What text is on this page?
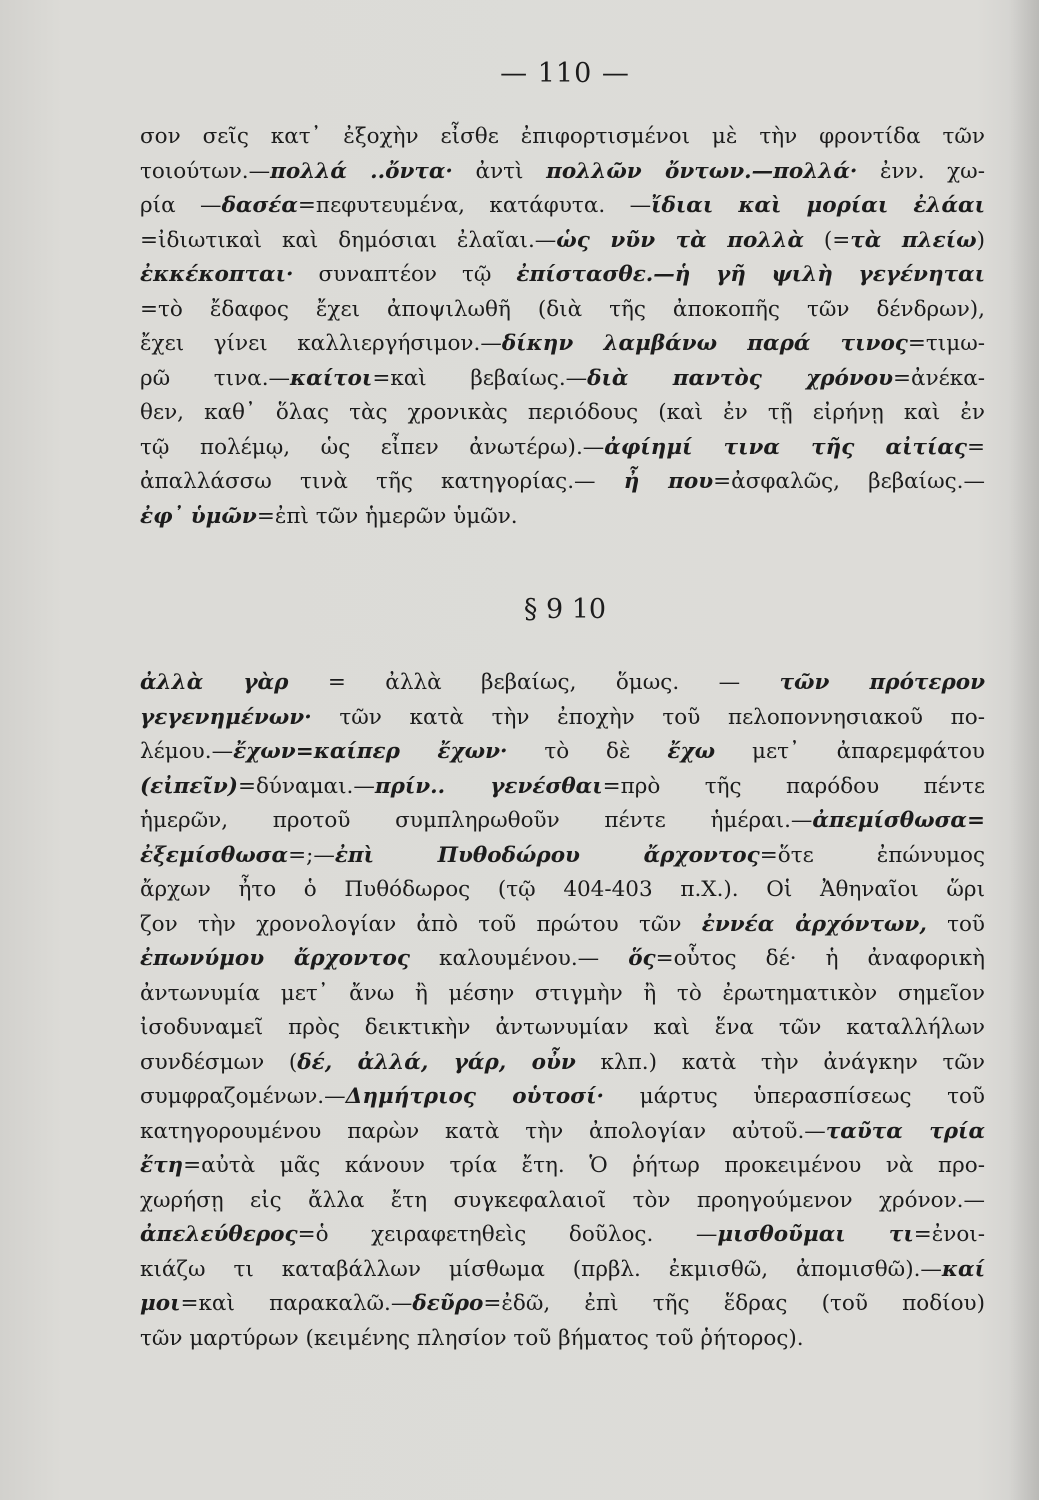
— 110 —
σον σεῖς κατ᾿ ἐξοχὴν εἶσθε ἐπιφορτισμένοι μὲ τὴν φροντίδα τῶν
τοιούτων.—πολλά ..ὄντα· ἀντὶ πολλῶν ὄντων.—πολλά· ἐνν. χω-
ρία —δασέα=πεφυτευμένα, κατάφυτα. —ἴδιαι καὶ μορίαι ἐλάαι
=ἰδιωτικαὶ καὶ δημόσιαι ἐλαῖαι.—ὡς νῦν τὰ πολλὰ (=τὰ πλείω)
ἐκκέκοπται· συναπτέον τῷ ἐπίστασθε.—ἡ γῆ ψιλὴ γεγένηται
=τὸ ἔδαφος ἔχει ἀποψιλωθῆ (διὰ τῆς ἀποκοπῆς τῶν δένδρων),
ἔχει γίνει καλλιεργήσιμον.—δίκην λαμβάνω παρά τινος=τιμω-
ρῶ τινα.—καίτοι=καὶ βεβαίως.—διὰ παντὸς χρόνου=ἀνέκα-
θεν, καθ᾿ ὅλας τὰς χρονικὰς περιόδους (καὶ ἐν τῇ εἰρήνῃ καὶ ἐν
τῷ πολέμῳ, ὡς εἶπεν ἀνωτέρω).—ἀφίημί τινα τῆς αἰτίας=
ἀπαλλάσσω τινὰ τῆς κατηγορίας.— ἦ που=ἀσφαλῶς, βεβαίως.—
ἐφ᾿ ὑμῶν=ἐπὶ τῶν ἡμερῶν ὑμῶν.
§ 9 10
ἀλλὰ γὰρ = ἀλλὰ βεβαίως, ὅμως. — τῶν πρότερον
γεγενημένων· τῶν κατὰ τὴν ἐποχὴν τοῦ πελοποννησιακοῦ πο-
λέμου.—ἔχων=καίπερ ἔχων· τὸ δὲ ἔχω μετ᾿ ἀπαρεμφάτου
(εἰπεῖν)=δύναμαι.—πρίν.. γενέσθαι=πρὸ τῆς παρόδου πέντε
ἡμερῶν, προτοῦ συμπληρωθοῦν πέντε ἡμέραι.—ἀπεμίσθωσα=
ἐξεμίσθωσα=;—ἐπὶ Πυθοδώρου ἄρχοντος=ὅτε ἐπώνυμος
ἄρχων ἦτο ὁ Πυθόδωρος (τῷ 404-403 π.Χ.). Οἱ Ἀθηναῖοι ὥρι
ζον τὴν χρονολογίαν ἀπὸ τοῦ πρώτου τῶν ἐννέα ἀρχόντων, τοῦ
ἐπωνύμου ἄρχοντος καλουμένου.— ὅς=οὗτος δέ· ἡ ἀναφορικὴ
ἀντωνυμία μετ᾿ ἄνω ἢ μέσην στιγμὴν ἢ τὸ ἐρωτηματικὸν σημεῖον
ἰσοδυναμεῖ πρὸς δεικτικὴν ἀντωνυμίαν καὶ ἕνα τῶν καταλλήλων
συνδέσμων (δέ, ἀλλά, γάρ, οὖν κλπ.) κατὰ τὴν ἀνάγκην τῶν
συμφραζομένων.—Δημήτριος οὑτοσί· μάρτυς ὑπερασπίσεως τοῦ
κατηγορουμένου παρὼν κατὰ τὴν ἀπολογίαν αὐτοῦ.—ταῦτα τρία
ἔτη=αὐτὰ μᾶς κάνουν τρία ἔτη. Ὁ ῥήτωρ προκειμένου νὰ προ-
χωρήσῃ εἰς ἄλλα ἔτη συγκεφαλαιοῖ τὸν προηγούμενον χρόνον.—
ἀπελεύθερος=ὁ χειραφετηθεὶς δοῦλος. —μισθοῦμαι τι=ἐνοι-
κιάζω τι καταβάλλων μίσθωμα (πρβλ. ἐκμισθῶ, ἀπομισθῶ).—καί
μοι=καὶ παρακαλῶ.—δεῦρο=ἐδῶ, ἐπὶ τῆς ἕδρας (τοῦ ποδίου)
τῶν μαρτύρων (κειμένης πλησίον τοῦ βήματος τοῦ ῥήτορος).
